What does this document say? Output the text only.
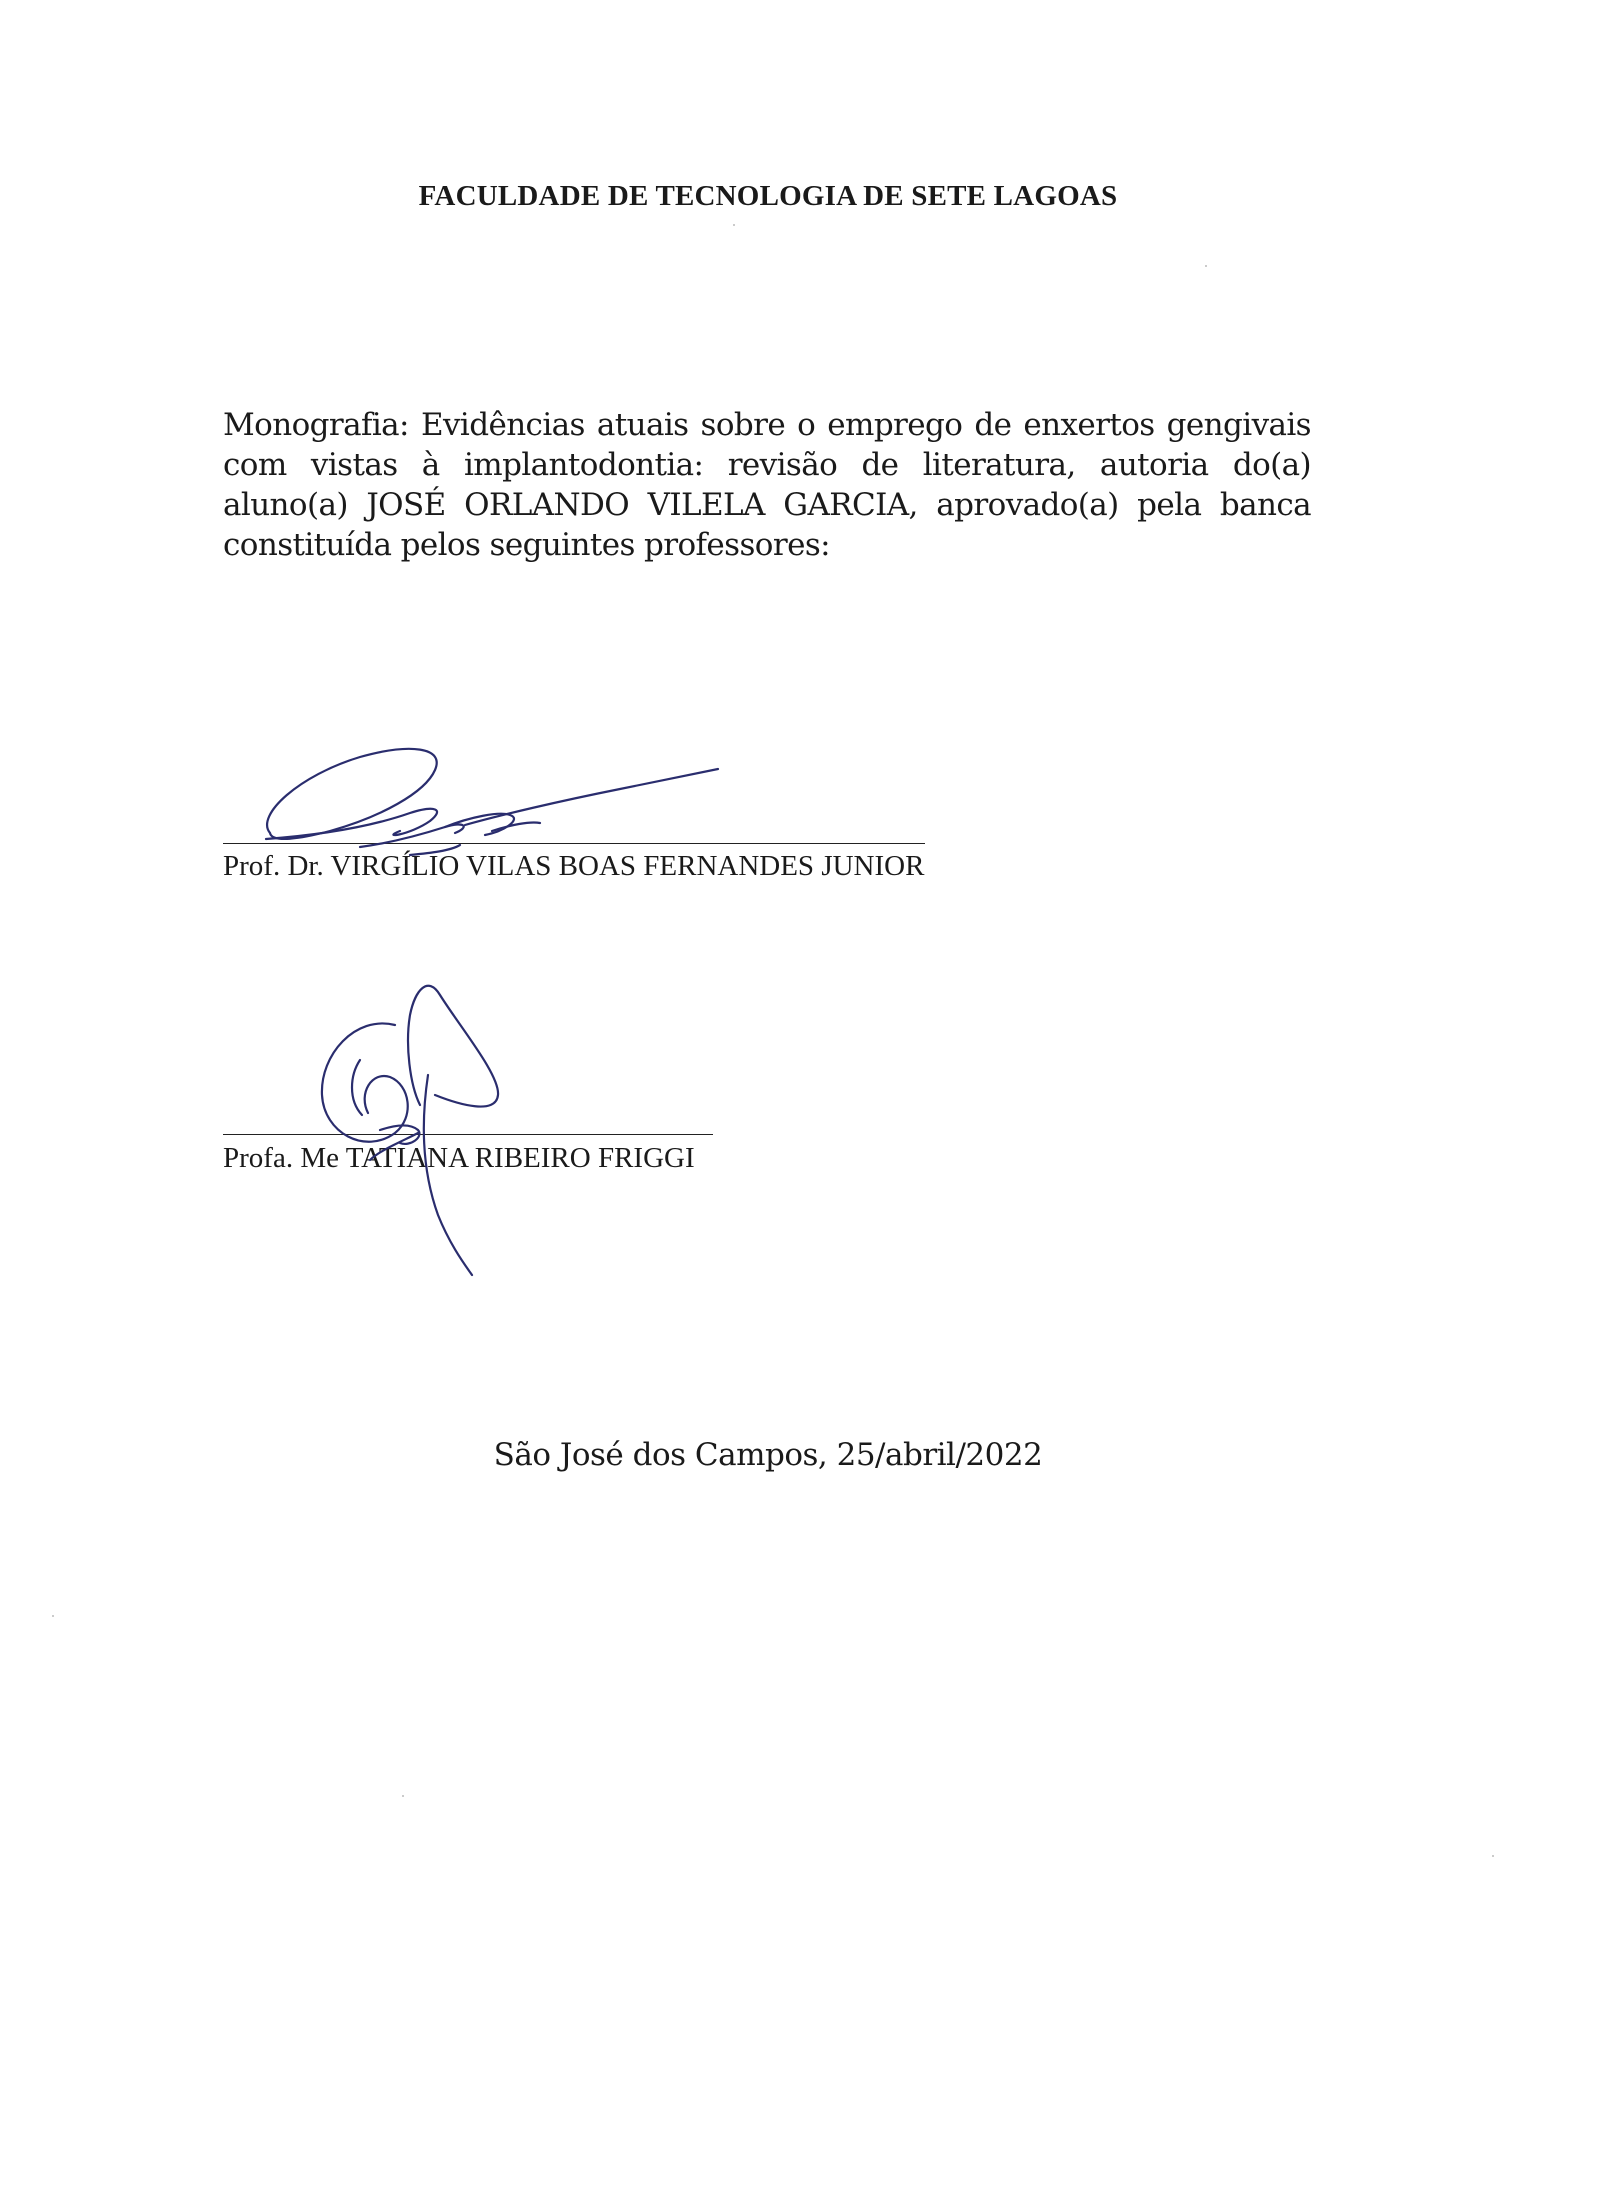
FACULDADE DE TECNOLOGIA DE SETE LAGOAS
Monografia: Evidências atuais sobre o emprego de enxertos gengivais com vistas à implantodontia: revisão de literatura, autoria do(a) aluno(a) JOSÉ ORLANDO VILELA GARCIA, aprovado(a) pela banca constituída pelos seguintes professores:
Prof. Dr. VIRGÍLIO VILAS BOAS FERNANDES JUNIOR
Profa. Me TATIANA RIBEIRO FRIGGI
São José dos Campos, 25/abril/2022
